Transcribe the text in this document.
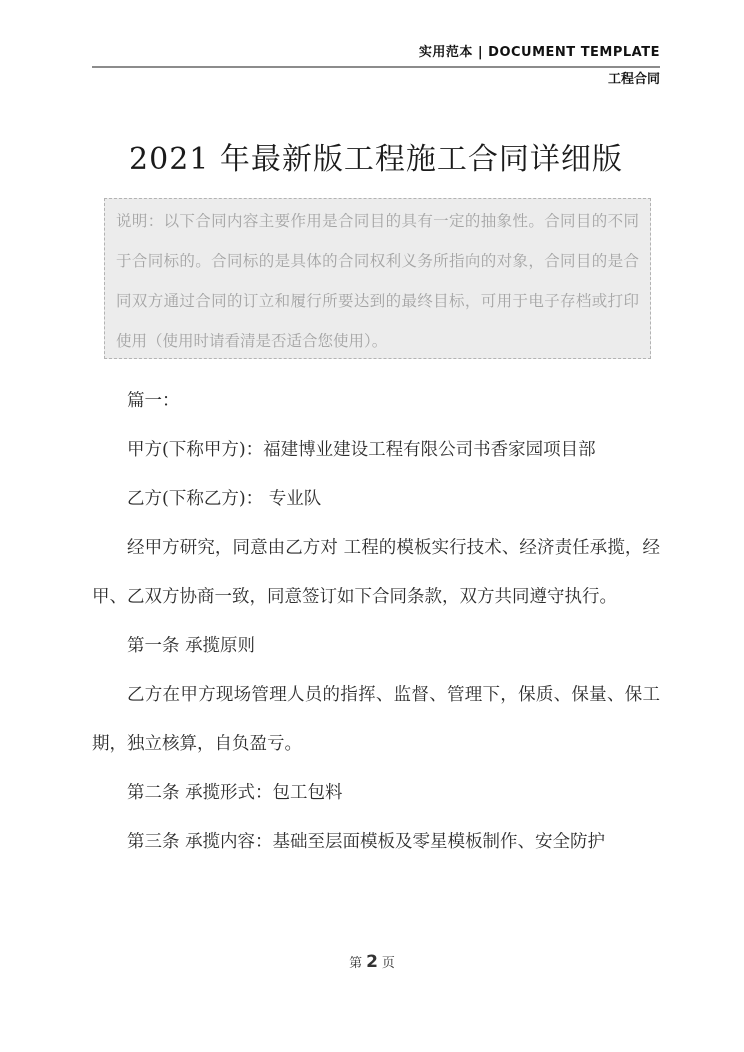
实用范本 | DOCUMENT TEMPLATE
工程合同
2021 年最新版工程施工合同详细版
说明：以下合同内容主要作用是合同目的具有一定的抽象性。合同目的不同于合同标的。合同标的是具体的合同权利义务所指向的对象，合同目的是合同双方通过合同的订立和履行所要达到的最终目标，可用于电子存档或打印使用（使用时请看清是否适合您使用）。

篇一：

甲方(下称甲方)：福建博业建设工程有限公司书香家园项目部

乙方(下称乙方)： 专业队

经甲方研究，同意由乙方对 工程的模板实行技术、经济责任承揽，经甲、乙双方协商一致，同意签订如下合同条款，双方共同遵守执行。

第一条 承揽原则

乙方在甲方现场管理人员的指挥、监督、管理下，保质、保量、保工期，独立核算，自负盈亏。

第二条 承揽形式：包工包料

第三条 承揽内容：基础至层面模板及零星模板制作、安全防护

第 2 页
